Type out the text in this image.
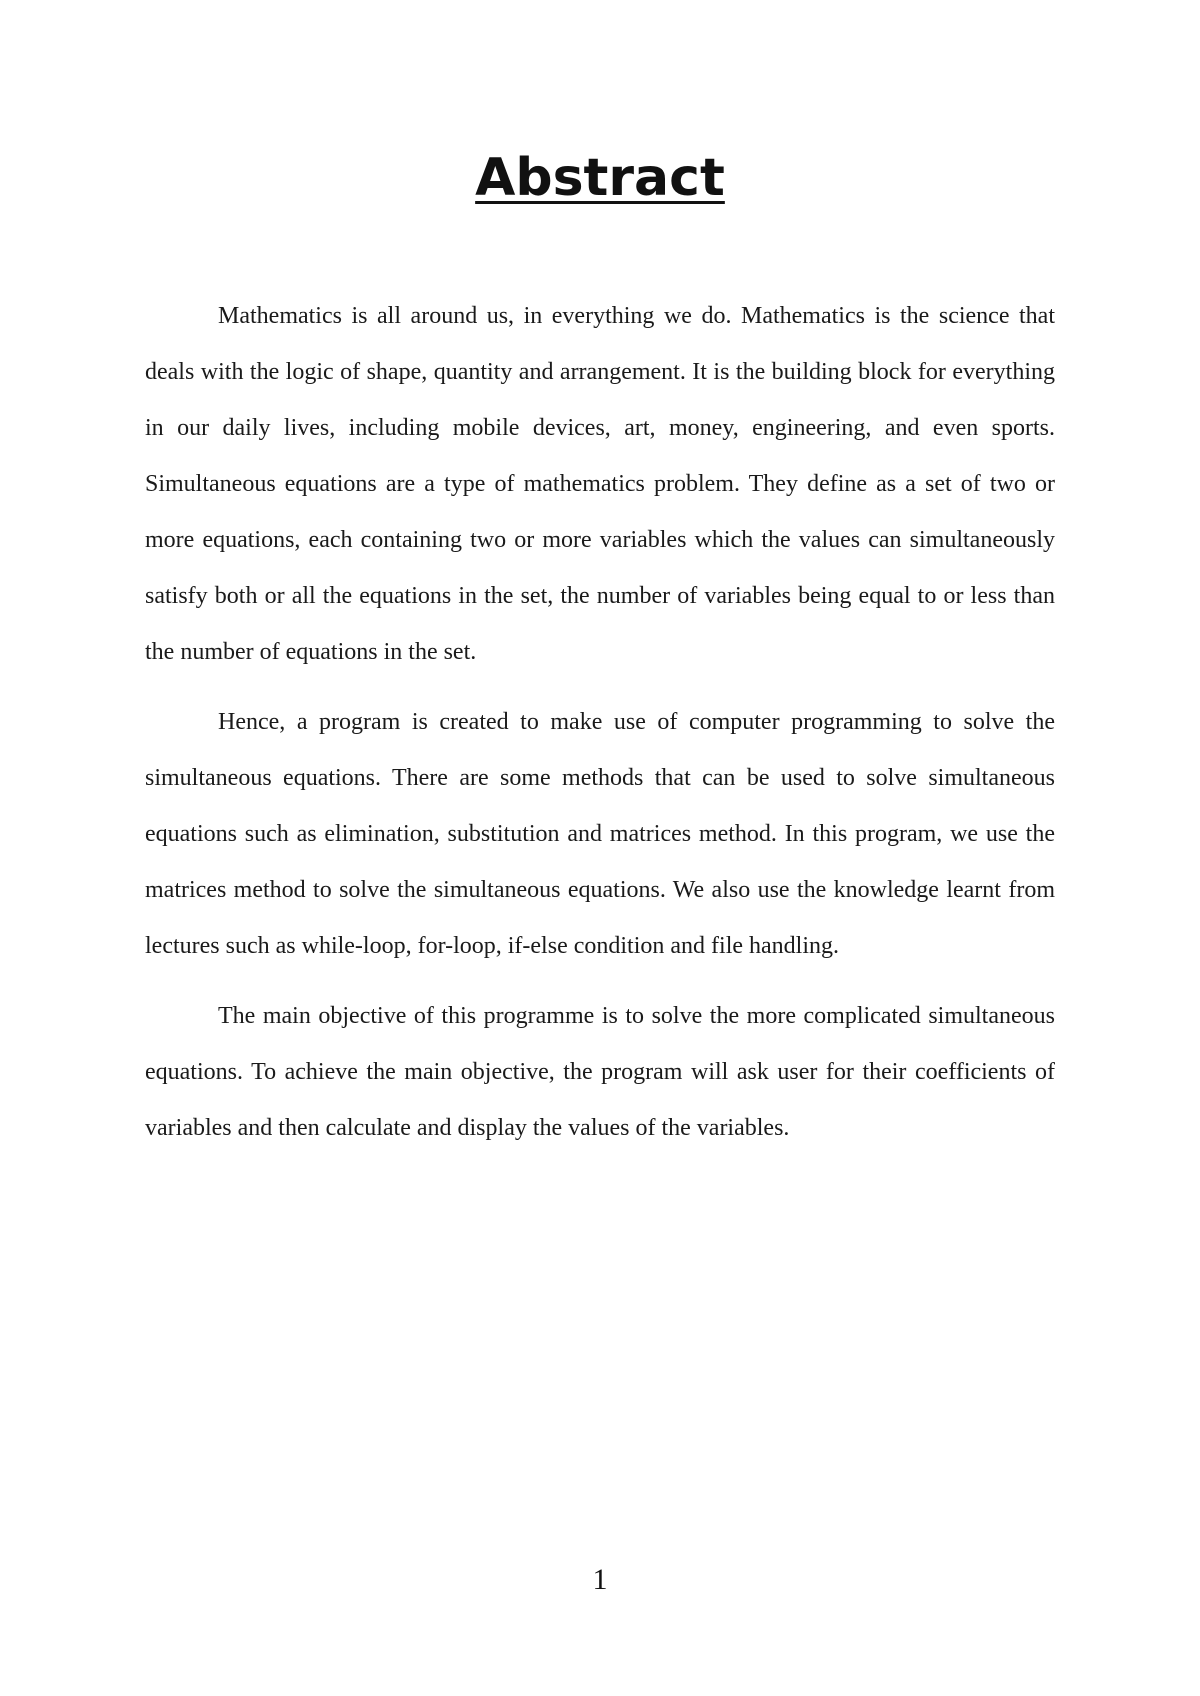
Abstract

Mathematics is all around us, in everything we do. Mathematics is the science that deals with the logic of shape, quantity and arrangement. It is the building block for everything in our daily lives, including mobile devices, art, money, engineering, and even sports. Simultaneous equations are a type of mathematics problem. They define as a set of two or more equations, each containing two or more variables which the values can simultaneously satisfy both or all the equations in the set, the number of variables being equal to or less than the number of equations in the set.

Hence, a program is created to make use of computer programming to solve the simultaneous equations. There are some methods that can be used to solve simultaneous equations such as elimination, substitution and matrices method. In this program, we use the matrices method to solve the simultaneous equations. We also use the knowledge learnt from lectures such as while-loop, for-loop, if-else condition and file handling.

The main objective of this programme is to solve the more complicated simultaneous equations. To achieve the main objective, the program will ask user for their coefficients of variables and then calculate and display the values of the variables.

1
